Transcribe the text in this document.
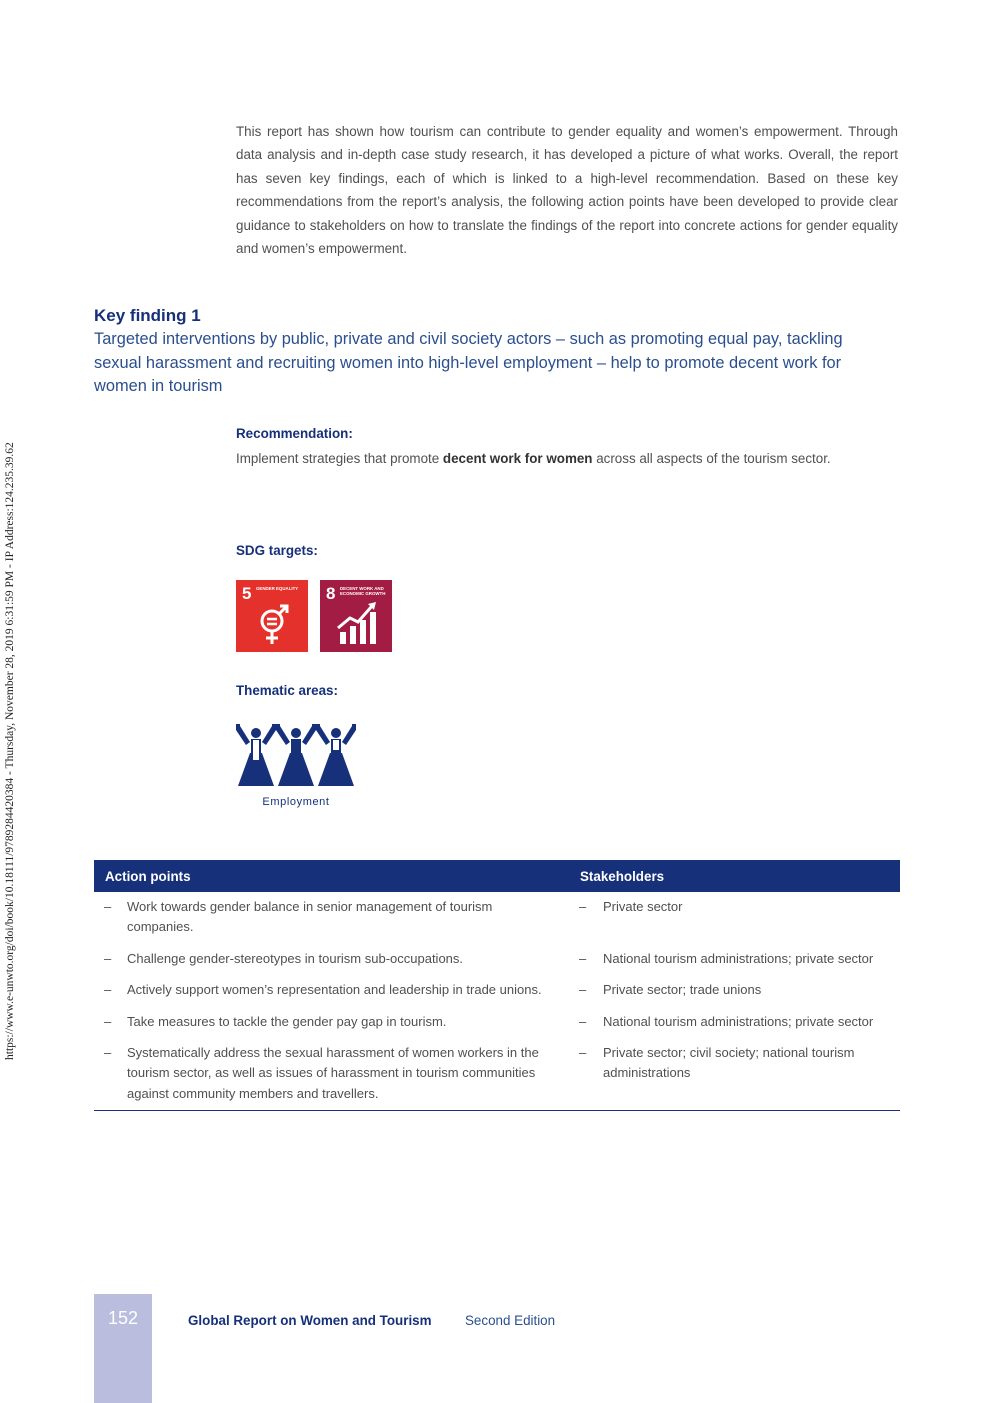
https://www.e-unwto.org/doi/book/10.18111/9789284420384 - Thursday, November 28, 2019 6:31:59 PM - IP Address:124.235.39.62

This report has shown how tourism can contribute to gender equality and women’s empowerment. Through data analysis and in-depth case study research, it has developed a picture of what works. Overall, the report has seven key findings, each of which is linked to a high-level recommendation. Based on these key recommendations from the report’s analysis, the following action points have been developed to provide clear guidance to stakeholders on how to translate the findings of the report into concrete actions for gender equality and women’s empowerment.

Key finding 1

Targeted interventions by public, private and civil society actors – such as promoting equal pay, tackling sexual harassment and recruiting women into high-level employment – help to promote decent work for women in tourism

Recommendation:

Implement strategies that promote decent work for women across all aspects of the tourism sector.

SDG targets:

5 GENDER EQUALITY	8 DECENT WORK AND ECONOMIC GROWTH

Thematic areas:

Employment

Action points		Stakeholders	
–	Work towards gender balance in senior management of tourism companies.	–	Private sector
–	Challenge gender-stereotypes in tourism sub-occupations.	–	National tourism administrations; private sector
–	Actively support women’s representation and leadership in trade unions.	–	Private sector; trade unions
–	Take measures to tackle the gender pay gap in tourism.	–	National tourism administrations; private sector
–	Systematically address the sexual harassment of women workers in the tourism sector, as well as issues of harassment in tourism communities against community members and travellers.	–	Private sector; civil society; national tourism administrations

152	Global Report on Women and Tourism Second Edition
